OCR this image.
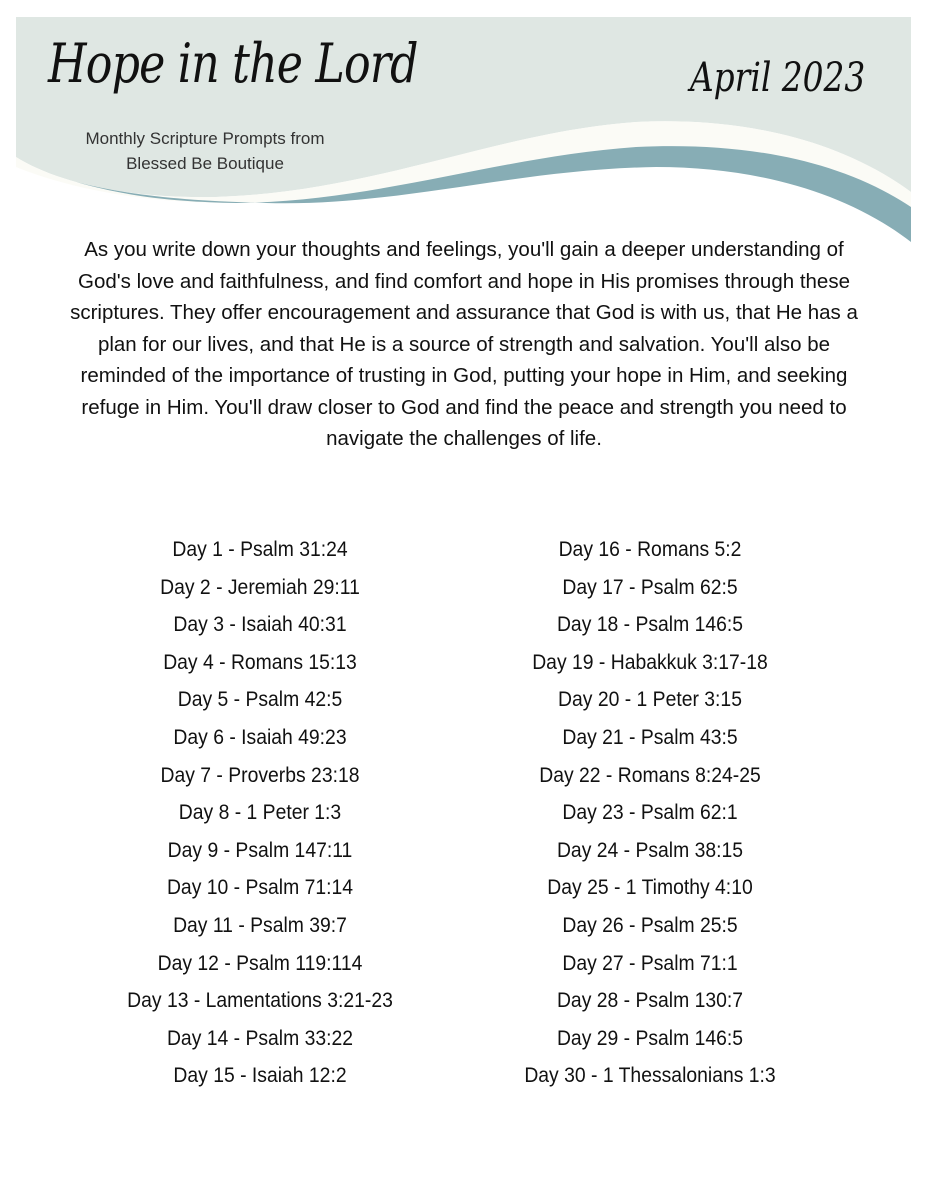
Hope in the Lord	April 2023
Monthly Scripture Prompts from
Blessed Be Boutique
As you write down your thoughts and feelings, you'll gain a deeper understanding of God's love and faithfulness, and find comfort and hope in His promises through these scriptures. They offer encouragement and assurance that God is with us, that He has a plan for our lives, and that He is a source of strength and salvation. You'll also be reminded of the importance of trusting in God, putting your hope in Him, and seeking refuge in Him. You'll draw closer to God and find the peace and strength you need to navigate the challenges of life.
Day 1 - Psalm 31:24
Day 2 - Jeremiah 29:11
Day 3 - Isaiah 40:31
Day 4 - Romans 15:13
Day 5 - Psalm 42:5
Day 6 - Isaiah 49:23
Day 7 - Proverbs 23:18
Day 8 - 1 Peter 1:3
Day 9 - Psalm 147:11
Day 10 - Psalm 71:14
Day 11 - Psalm 39:7
Day 12 - Psalm 119:114
Day 13 - Lamentations 3:21-23
Day 14 - Psalm 33:22
Day 15 - Isaiah 12:2
Day 16 - Romans 5:2
Day 17 - Psalm 62:5
Day 18 - Psalm 146:5
Day 19 - Habakkuk 3:17-18
Day 20 - 1 Peter 3:15
Day 21 - Psalm 43:5
Day 22 - Romans 8:24-25
Day 23 - Psalm 62:1
Day 24 - Psalm 38:15
Day 25 - 1 Timothy 4:10
Day 26 - Psalm 25:5
Day 27 - Psalm 71:1
Day 28 - Psalm 130:7
Day 29 - Psalm 146:5
Day 30 - 1 Thessalonians 1:3
